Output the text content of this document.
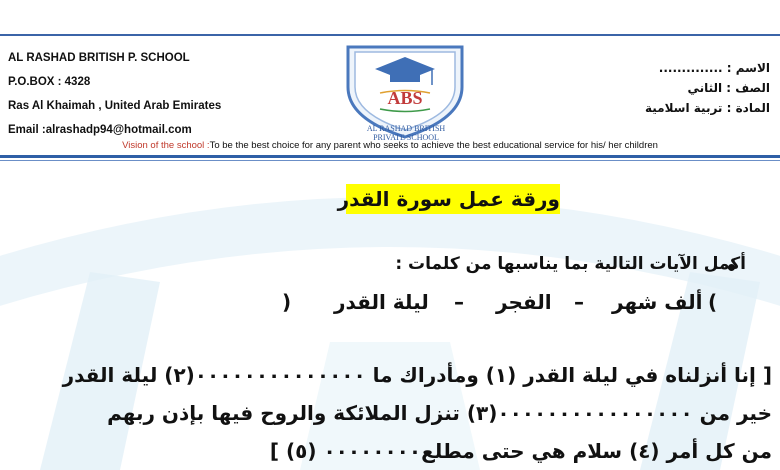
AL RASHAD BRITISH P. SCHOOL
P.O.BOX : 4328
Ras Al Khaimah , United Arab Emirates
Email :alrashadp94@hotmail.com
ABS
AL RASHAD BRITISH
PRIVATE SCHOOL
الاسم : ..............
الصف : الثاني
المادة : تربية اسلامية
Vision of the school :To be the best choice for any parent who seeks to achieve the best educational service for his/ her children
ورقة عمل سورة القدر
أكمل الآيات التالية بما يناسبها من كلمات :
) ليلة القدر – الفجر – ألف شهر (
[ إنا أنزلناه في ليلة القدر (١) ومأدراك ما ۰۰۰۰۰۰۰۰۰۰۰۰۰۰(٢) ليلة القدر
خير من ۰۰۰۰۰۰۰۰۰۰۰۰۰۰۰۰(٣) تنزل الملائكة والروح فيها بإذن ربهم
من كل أمر (٤) سلام هي حتى مطلع۰۰۰۰۰۰۰۰ (٥) ]
